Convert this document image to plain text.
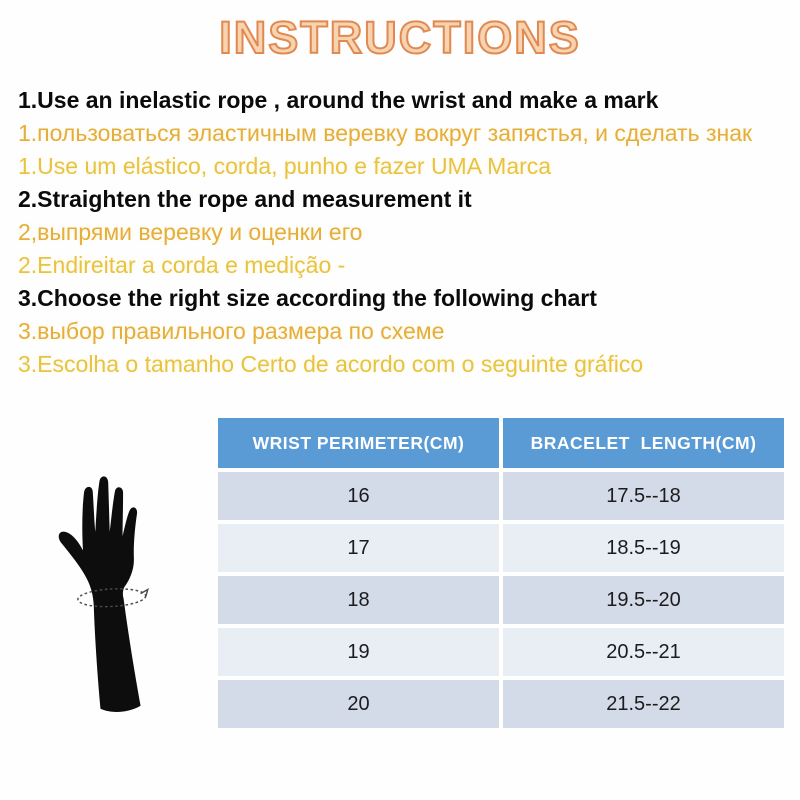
INSTRUCTIONS
1.Use an inelastic rope , around the wrist and make a mark
1.пользоваться эластичным веревку вокруг запястья, и сделать знак
1.Use um elástico, corda, punho e fazer UMA Marca
2.Straighten the rope and measurement it
2,выпрями веревку и оценки его
2.Endireitar a corda e medição -
3.Choose the right size according the following chart
3.выбор правильного размера по схеме
3.Escolha o tamanho Certo de acordo com o seguinte gráfico
WRIST PERIMETER(CM)	BRACELET  LENGTH(CM)
16	17.5--18
17	18.5--19
18	19.5--20
19	20.5--21
20	21.5--22
